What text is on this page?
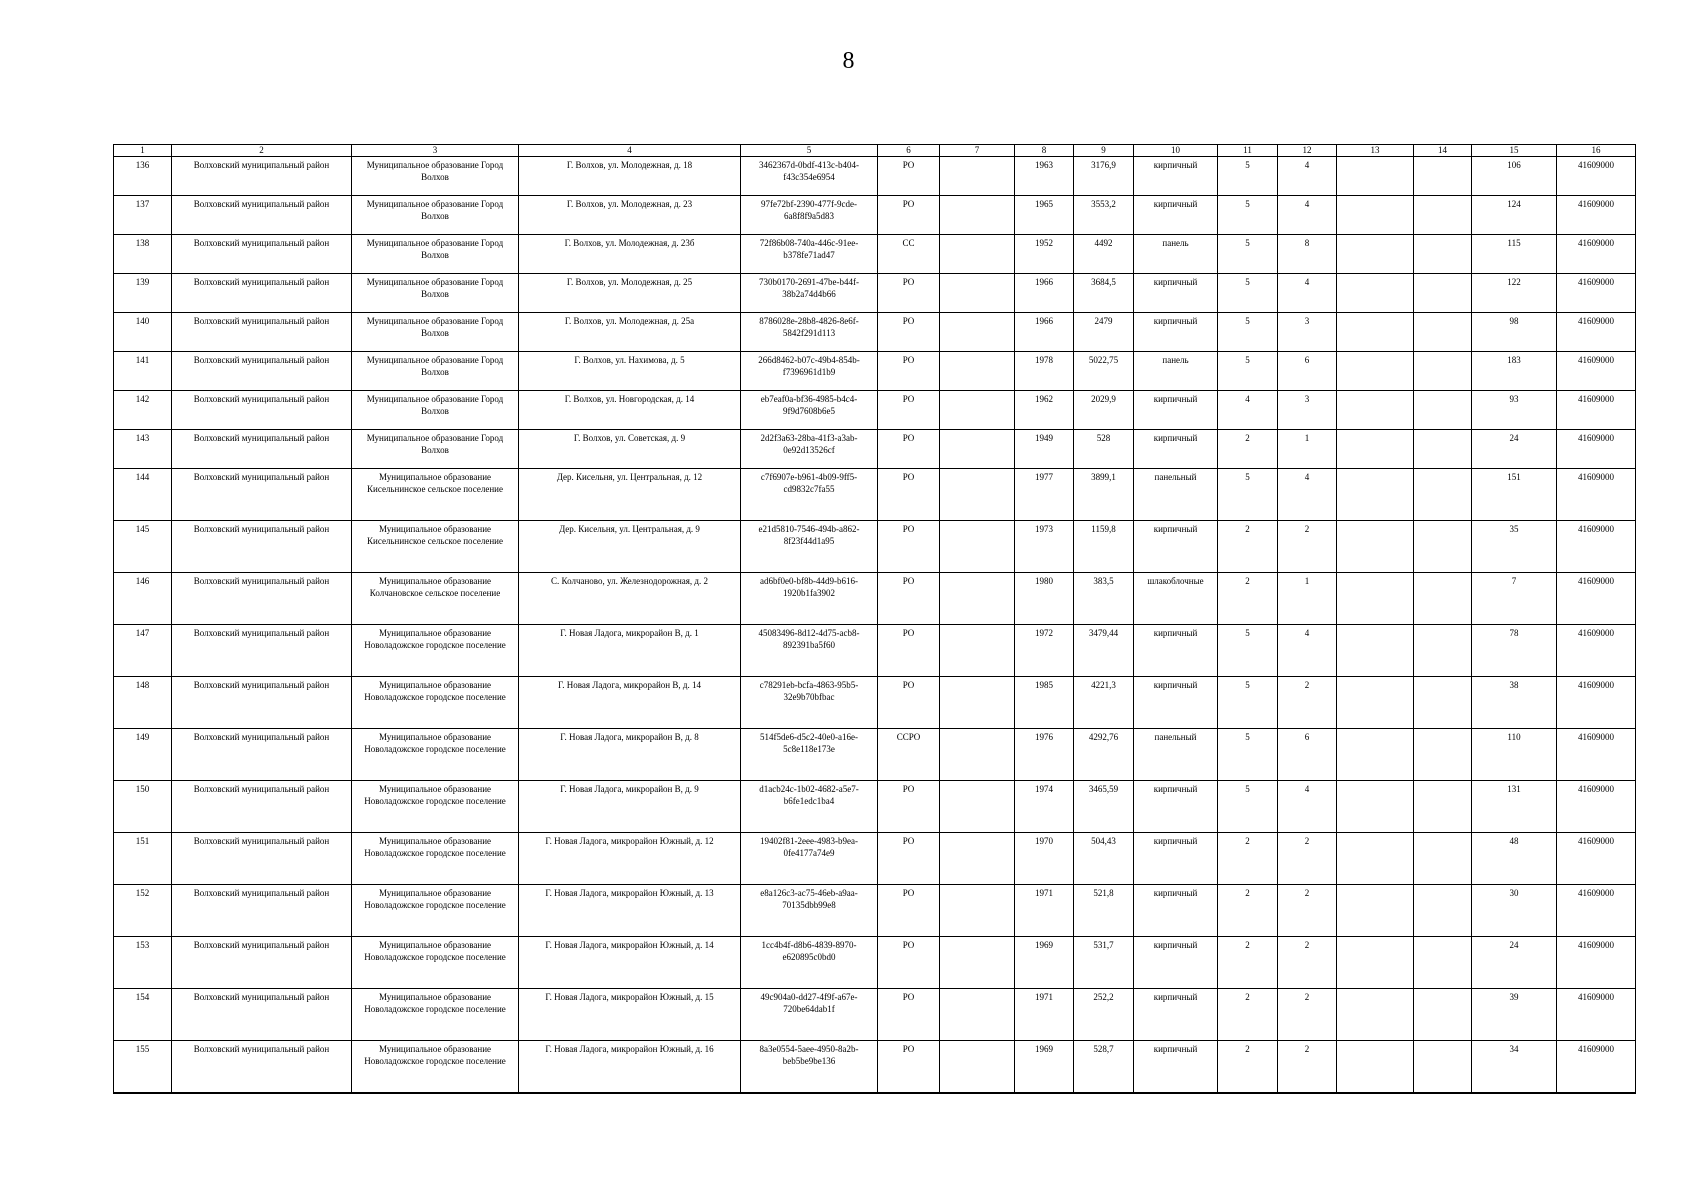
8
1	2	3	4	5	6	7	8	9	10	11	12	13	14	15	16
136	Волховский муниципальный район	Муниципальное образование Город Волхов	Г. Волхов, ул. Молодежная, д. 18	3462367d-0bdf-413c-b404-f43c354e6954	РО		1963	3176,9	кирпичный	5	4			106	41609000
137	Волховский муниципальный район	Муниципальное образование Город Волхов	Г. Волхов, ул. Молодежная, д. 23	97fe72bf-2390-477f-9cde-6a8f8f9a5d83	РО		1965	3553,2	кирпичный	5	4			124	41609000
138	Волховский муниципальный район	Муниципальное образование Город Волхов	Г. Волхов, ул. Молодежная, д. 23б	72f86b08-740a-446c-91ee-b378fe71ad47	СС		1952	4492	панель	5	8			115	41609000
139	Волховский муниципальный район	Муниципальное образование Город Волхов	Г. Волхов, ул. Молодежная, д. 25	730b0170-2691-47be-b44f-38b2a74d4b66	РО		1966	3684,5	кирпичный	5	4			122	41609000
140	Волховский муниципальный район	Муниципальное образование Город Волхов	Г. Волхов, ул. Молодежная, д. 25а	8786028e-28b8-4826-8e6f-5842f291d113	РО		1966	2479	кирпичный	5	3			98	41609000
141	Волховский муниципальный район	Муниципальное образование Город Волхов	Г. Волхов, ул. Нахимова, д. 5	266d8462-b07c-49b4-854b-f7396961d1b9	РО		1978	5022,75	панель	5	6			183	41609000
142	Волховский муниципальный район	Муниципальное образование Город Волхов	Г. Волхов, ул. Новгородская, д. 14	eb7eaf0a-bf36-4985-b4c4-9f9d7608b6e5	РО		1962	2029,9	кирпичный	4	3			93	41609000
143	Волховский муниципальный район	Муниципальное образование Город Волхов	Г. Волхов, ул. Советская, д. 9	2d2f3a63-28ba-41f3-a3ab-0e92d13526cf	РО		1949	528	кирпичный	2	1			24	41609000
144	Волховский муниципальный район	Муниципальное образование Кисельнинское сельское поселение	Дер. Кисельня, ул. Центральная, д. 12	c7f6907e-b961-4b09-9ff5-cd9832c7fa55	РО		1977	3899,1	панельный	5	4			151	41609000
145	Волховский муниципальный район	Муниципальное образование Кисельнинское сельское поселение	Дер. Кисельня, ул. Центральная, д. 9	e21d5810-7546-494b-a862-8f23f44d1a95	РО		1973	1159,8	кирпичный	2	2			35	41609000
146	Волховский муниципальный район	Муниципальное образование Колчановское сельское поселение	С. Колчаново, ул. Железнодорожная, д. 2	ad6bf0e0-bf8b-44d9-b616-1920b1fa3902	РО		1980	383,5	шлакоблочные	2	1			7	41609000
147	Волховский муниципальный район	Муниципальное образование Новоладожское городское поселение	Г. Новая Ладога, микрорайон В, д. 1	45083496-8d12-4d75-acb8-892391ba5f60	РО		1972	3479,44	кирпичный	5	4			78	41609000
148	Волховский муниципальный район	Муниципальное образование Новоладожское городское поселение	Г. Новая Ладога, микрорайон В, д. 14	c78291eb-bcfa-4863-95b5-32e9b70bfbac	РО		1985	4221,3	кирпичный	5	2			38	41609000
149	Волховский муниципальный район	Муниципальное образование Новоладожское городское поселение	Г. Новая Ладога, микрорайон В, д. 8	514f5de6-d5c2-40e0-a16e-5c8e118e173e	ССРО		1976	4292,76	панельный	5	6			110	41609000
150	Волховский муниципальный район	Муниципальное образование Новоладожское городское поселение	Г. Новая Ладога, микрорайон В, д. 9	d1acb24c-1b02-4682-a5e7-b6fe1edc1ba4	РО		1974	3465,59	кирпичный	5	4			131	41609000
151	Волховский муниципальный район	Муниципальное образование Новоладожское городское поселение	Г. Новая Ладога, микрорайон Южный, д. 12	19402f81-2eee-4983-b9ea-0fe4177a74e9	РО		1970	504,43	кирпичный	2	2			48	41609000
152	Волховский муниципальный район	Муниципальное образование Новоладожское городское поселение	Г. Новая Ладога, микрорайон Южный, д. 13	e8a126c3-ac75-46eb-a9aa-70135dbb99e8	РО		1971	521,8	кирпичный	2	2			30	41609000
153	Волховский муниципальный район	Муниципальное образование Новоладожское городское поселение	Г. Новая Ладога, микрорайон Южный, д. 14	1cc4b4f-d8b6-4839-8970-e620895c0bd0	РО		1969	531,7	кирпичный	2	2			24	41609000
154	Волховский муниципальный район	Муниципальное образование Новоладожское городское поселение	Г. Новая Ладога, микрорайон Южный, д. 15	49c904a0-dd27-4f9f-a67e-720be64dab1f	РО		1971	252,2	кирпичный	2	2			39	41609000
155	Волховский муниципальный район	Муниципальное образование Новоладожское городское поселение	Г. Новая Ладога, микрорайон Южный, д. 16	8a3e0554-5aee-4950-8a2b-beb5be9be136	РО		1969	528,7	кирпичный	2	2			34	41609000
